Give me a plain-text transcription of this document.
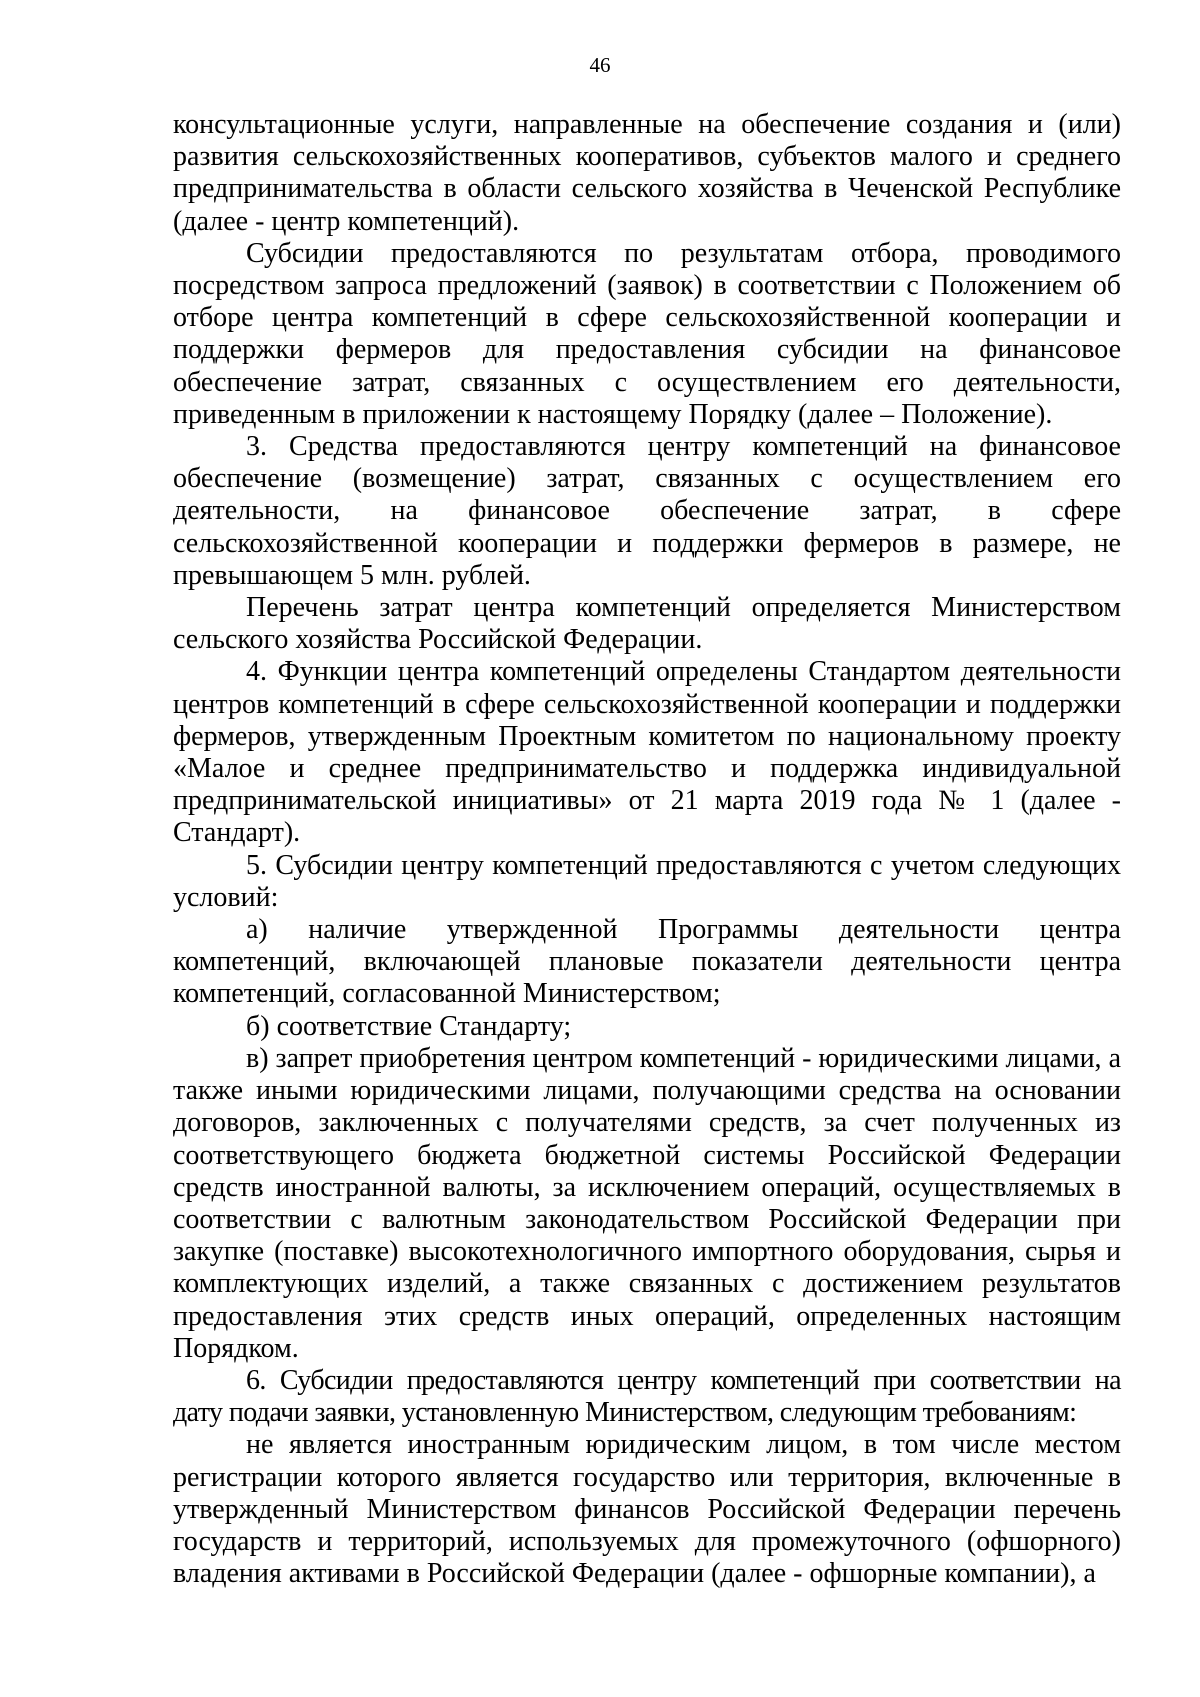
46

консультационные услуги, направленные на обеспечение создания и (или) развития сельскохозяйственных кооперативов, субъектов малого и среднего предпринимательства в области сельского хозяйства в Чеченской Республике (далее - центр компетенций).

Субсидии предоставляются по результатам отбора, проводимого посредством запроса предложений (заявок) в соответствии с Положением об отборе центра компетенций в сфере сельскохозяйственной кооперации и поддержки фермеров для предоставления субсидии на финансовое обеспечение затрат, связанных с осуществлением его деятельности, приведенным в приложении к настоящему Порядку (далее – Положение).

3. Средства предоставляются центру компетенций на финансовое обеспечение (возмещение) затрат, связанных с осуществлением его деятельности, на финансовое обеспечение затрат, в сфере сельскохозяйственной кооперации и поддержки фермеров в размере, не превышающем 5 млн. рублей.

Перечень затрат центра компетенций определяется Министерством сельского хозяйства Российской Федерации.

4. Функции центра компетенций определены Стандартом деятельности центров компетенций в сфере сельскохозяйственной кооперации и поддержки фермеров, утвержденным Проектным комитетом по национальному проекту «Малое и среднее предпринимательство и поддержка индивидуальной предпринимательской инициативы» от 21 марта 2019 года № 1 (далее - Стандарт).

5. Субсидии центру компетенций предоставляются с учетом следующих условий:

а) наличие утвержденной Программы деятельности центра компетенций, включающей плановые показатели деятельности центра компетенций, согласованной Министерством;

б) соответствие Стандарту;

в) запрет приобретения центром компетенций - юридическими лицами, а также иными юридическими лицами, получающими средства на основании договоров, заключенных с получателями средств, за счет полученных из соответствующего бюджета бюджетной системы Российской Федерации средств иностранной валюты, за исключением операций, осуществляемых в соответствии с валютным законодательством Российской Федерации при закупке (поставке) высокотехнологичного импортного оборудования, сырья и комплектующих изделий, а также связанных с достижением результатов предоставления этих средств иных операций, определенных настоящим Порядком.

6. Субсидии предоставляются центру компетенций при соответствии на дату подачи заявки, установленную Министерством, следующим требованиям:

не является иностранным юридическим лицом, в том числе местом регистрации которого является государство или территория, включенные в утвержденный Министерством финансов Российской Федерации перечень государств и территорий, используемых для промежуточного (офшорного) владения активами в Российской Федерации (далее - офшорные компании), а
